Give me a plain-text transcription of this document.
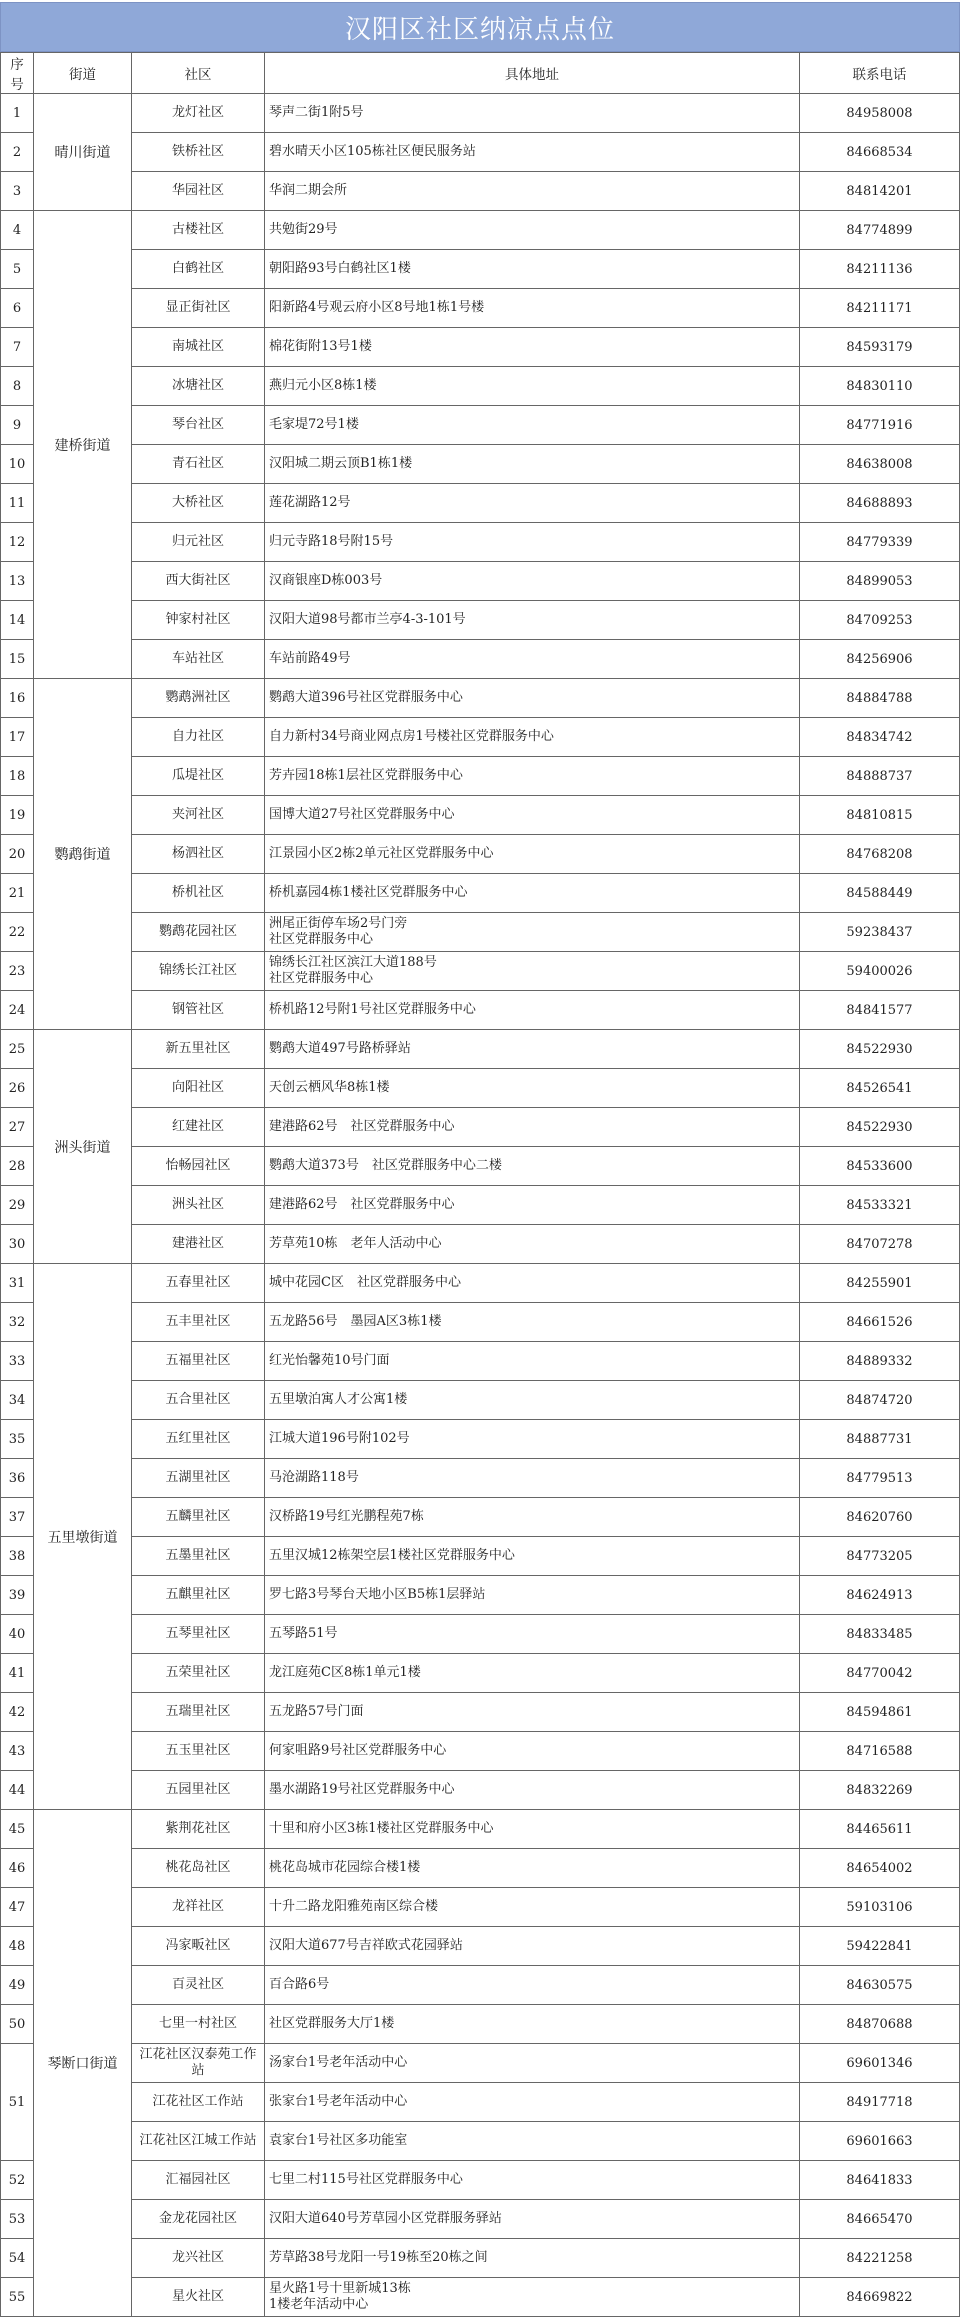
汉阳区社区纳凉点点位
序号	街道	社区	具体地址	联系电话
1	晴川街道	龙灯社区	琴声二街1附5号	84958008
2		铁桥社区	碧水晴天小区105栋社区便民服务站	84668534
3		华园社区	华润二期会所	84814201
4	建桥街道	古楼社区	共勉街29号	84774899
5		白鹤社区	朝阳路93号白鹤社区1楼	84211136
6		显正街社区	阳新路4号观云府小区8号地1栋1号楼	84211171
7		南城社区	棉花街附13号1楼	84593179
8		冰塘社区	燕归元小区8栋1楼	84830110
9		琴台社区	毛家堤72号1楼	84771916
10		青石社区	汉阳城二期云顶B1栋1楼	84638008
11		大桥社区	莲花湖路12号	84688893
12		归元社区	归元寺路18号附15号	84779339
13		西大街社区	汉商银座D栋003号	84899053
14		钟家村社区	汉阳大道98号都市兰亭4-3-101号	84709253
15		车站社区	车站前路49号	84256906
16	鹦鹉街道	鹦鹉洲社区	鹦鹉大道396号社区党群服务中心	84884788
17		自力社区	自力新村34号商业网点房1号楼社区党群服务中心	84834742
18		瓜堤社区	芳卉园18栋1层社区党群服务中心	84888737
19		夹河社区	国博大道27号社区党群服务中心	84810815
20		杨泗社区	江景园小区2栋2单元社区党群服务中心	84768208
21		桥机社区	桥机嘉园4栋1楼社区党群服务中心	84588449
22		鹦鹉花园社区	洲尾正街停车场2号门旁
社区党群服务中心	59238437
23		锦绣长江社区	锦绣长江社区滨江大道188号
社区党群服务中心	59400026
24		钢管社区	桥机路12号附1号社区党群服务中心	84841577
25	洲头街道	新五里社区	鹦鹉大道497号路桥驿站	84522930
26		向阳社区	天创云栖风华8栋1楼	84526541
27		红建社区	建港路62号　社区党群服务中心	84522930
28		怡畅园社区	鹦鹉大道373号　社区党群服务中心二楼	84533600
29		洲头社区	建港路62号　社区党群服务中心	84533321
30		建港社区	芳草苑10栋　老年人活动中心	84707278
31	五里墩街道	五春里社区	城中花园C区　社区党群服务中心	84255901
32		五丰里社区	五龙路56号　墨园A区3栋1楼	84661526
33		五福里社区	红光怡馨苑10号门面	84889332
34		五合里社区	五里墩泊寓人才公寓1楼	84874720
35		五红里社区	江城大道196号附102号	84887731
36		五湖里社区	马沧湖路118号	84779513
37		五麟里社区	汉桥路19号红光鹏程苑7栋	84620760
38		五墨里社区	五里汉城12栋架空层1楼社区党群服务中心	84773205
39		五麒里社区	罗七路3号琴台天地小区B5栋1层驿站	84624913
40		五琴里社区	五琴路51号	84833485
41		五荣里社区	龙江庭苑C区8栋1单元1楼	84770042
42		五瑞里社区	五龙路57号门面	84594861
43		五玉里社区	何家咀路9号社区党群服务中心	84716588
44		五园里社区	墨水湖路19号社区党群服务中心	84832269
45	琴断口街道	紫荆花社区	十里和府小区3栋1楼社区党群服务中心	84465611
46		桃花岛社区	桃花岛城市花园综合楼1楼	84654002
47		龙祥社区	十升二路龙阳雅苑南区综合楼	59103106
48		冯家畈社区	汉阳大道677号吉祥欧式花园驿站	59422841
49		百灵社区	百合路6号	84630575
50		七里一村社区	社区党群服务大厅1楼	84870688
51		江花社区汉泰苑工作站	汤家台1号老年活动中心	69601346
		江花社区工作站	张家台1号老年活动中心	84917718
		江花社区江城工作站	袁家台1号社区多功能室	69601663
52		汇福园社区	七里二村115号社区党群服务中心	84641833
53		金龙花园社区	汉阳大道640号芳草园小区党群服务驿站	84665470
54		龙兴社区	芳草路38号龙阳一号19栋至20栋之间	84221258
55		星火社区	星火路1号十里新城13栋
1楼老年活动中心	84669822
